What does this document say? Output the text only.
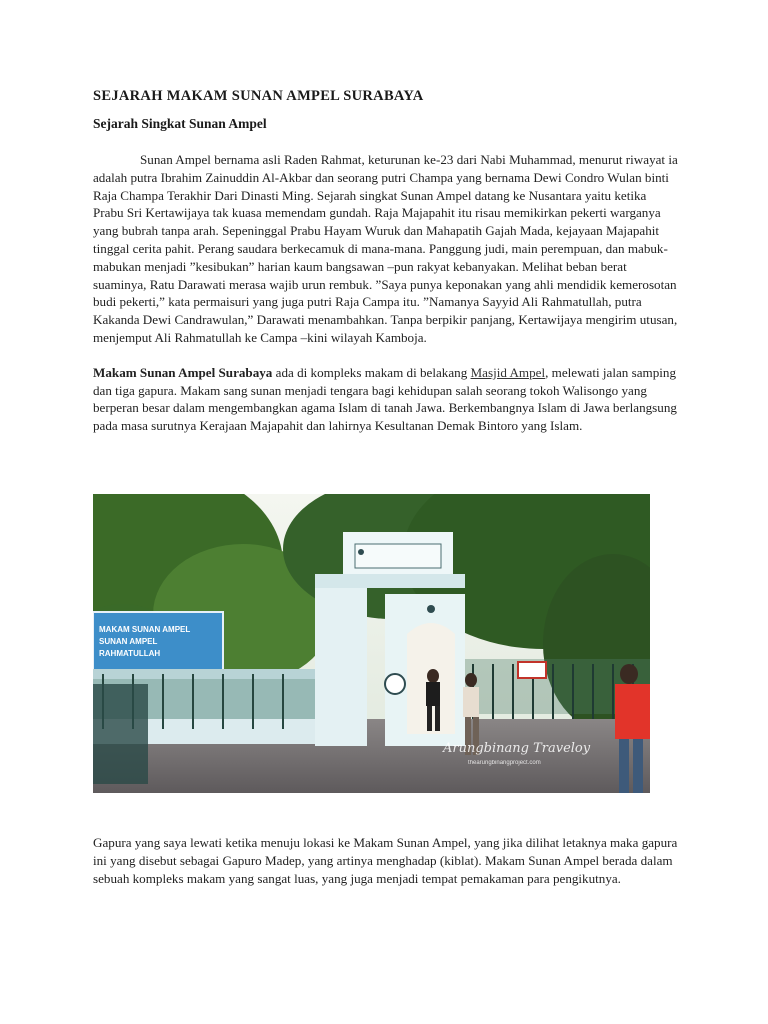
SEJARAH MAKAM SUNAN AMPEL SURABAYA
Sejarah Singkat Sunan Ampel

Sunan Ampel bernama asli Raden Rahmat, keturunan ke-23 dari Nabi Muhammad, menurut riwayat ia adalah putra Ibrahim Zainuddin Al-Akbar dan seorang putri Champa yang bernama Dewi Condro Wulan binti Raja Champa Terakhir Dari Dinasti Ming. Sejarah singkat Sunan Ampel datang ke Nusantara yaitu ketika Prabu Sri Kertawijaya tak kuasa memendam gundah. Raja Majapahit itu risau memikirkan pekerti warganya yang bubrah tanpa arah. Sepeninggal Prabu Hayam Wuruk dan Mahapatih Gajah Mada, kejayaan Majapahit tinggal cerita pahit. Perang saudara berkecamuk di mana-mana. Panggung judi, main perempuan, dan mabuk-mabukan menjadi ”kesibukan” harian kaum bangsawan –pun rakyat kebanyakan. Melihat beban berat suaminya, Ratu Darawati merasa wajib urun rembuk. ”Saya punya keponakan yang ahli mendidik kemerosotan budi pekerti,” kata permaisuri yang juga putri Raja Campa itu. ”Namanya Sayyid Ali Rahmatullah, putra Kakanda Dewi Candrawulan,” Darawati menambahkan. Tanpa berpikir panjang, Kertawijaya mengirim utusan, menjemput Ali Rahmatullah ke Campa –kini wilayah Kamboja.

Makam Sunan Ampel Surabaya ada di kompleks makam di belakang Masjid Ampel, melewati jalan samping dan tiga gapura. Makam sang sunan menjadi tengara bagi kehidupan salah seorang tokoh Walisongo yang berperan besar dalam mengembangkan agama Islam di tanah Jawa. Berkembangnya Islam di Jawa berlangsung pada masa surutnya Kerajaan Majapahit dan lahirnya Kesultanan Demak Bintoro yang Islam.

MAKAM SUNAN AMPEL
SUNAN AMPEL
RAHMATULLAH
Arungbinang Traveloy
thearungbinangproject.com

Gapura yang saya lewati ketika menuju lokasi ke Makam Sunan Ampel, yang jika dilihat letaknya maka gapura ini yang disebut sebagai Gapuro Madep, yang artinya menghadap (kiblat). Makam Sunan Ampel berada dalam sebuah kompleks makam yang sangat luas, yang juga menjadi tempat pemakaman para pengikutnya.
